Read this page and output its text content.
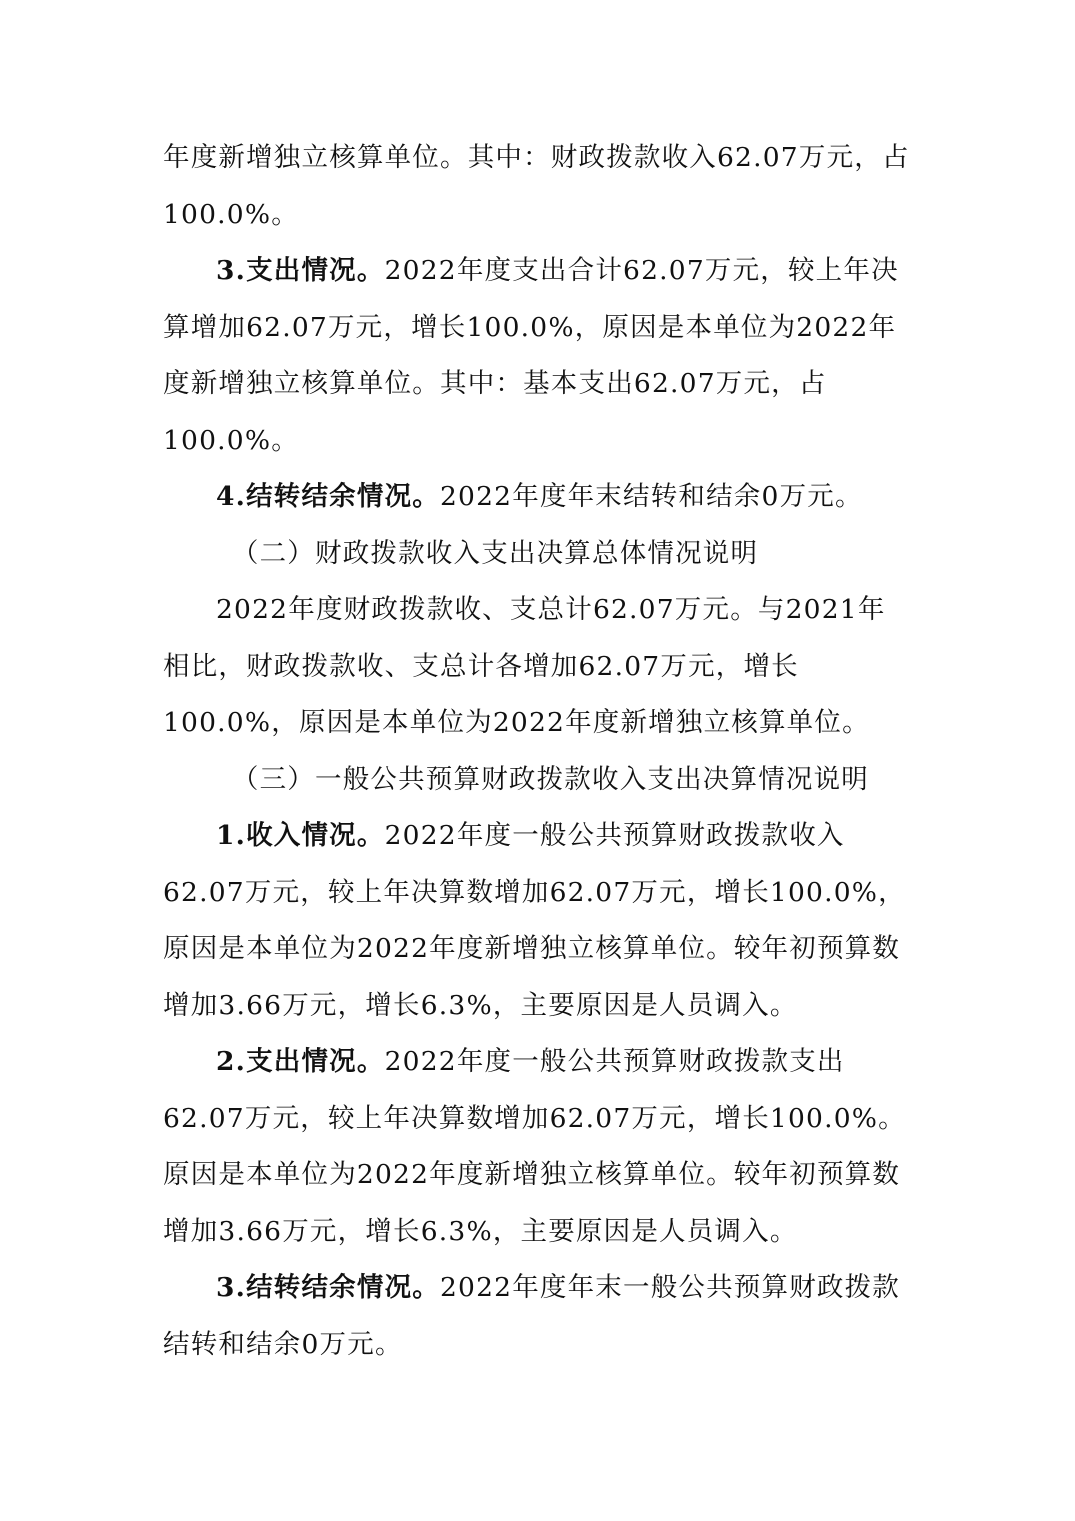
年度新增独立核算单位。其中：财政拨款收入62.07万元，占100.0%。

3.支出情况。2022年度支出合计62.07万元，较上年决算增加62.07万元，增长100.0%，原因是本单位为2022年度新增独立核算单位。其中：基本支出62.07万元，占100.0%。

4.结转结余情况。2022年度年末结转和结余0万元。

（二）财政拨款收入支出决算总体情况说明

2022年度财政拨款收、支总计62.07万元。与2021年相比，财政拨款收、支总计各增加62.07万元，增长100.0%，原因是本单位为2022年度新增独立核算单位。

（三）一般公共预算财政拨款收入支出决算情况说明

1.收入情况。2022年度一般公共预算财政拨款收入62.07万元，较上年决算数增加62.07万元，增长100.0%，原因是本单位为2022年度新增独立核算单位。较年初预算数增加3.66万元，增长6.3%，主要原因是人员调入。

2.支出情况。2022年度一般公共预算财政拨款支出62.07万元，较上年决算数增加62.07万元，增长100.0%。原因是本单位为2022年度新增独立核算单位。较年初预算数增加3.66万元，增长6.3%，主要原因是人员调入。

3.结转结余情况。2022年度年末一般公共预算财政拨款结转和结余0万元。
